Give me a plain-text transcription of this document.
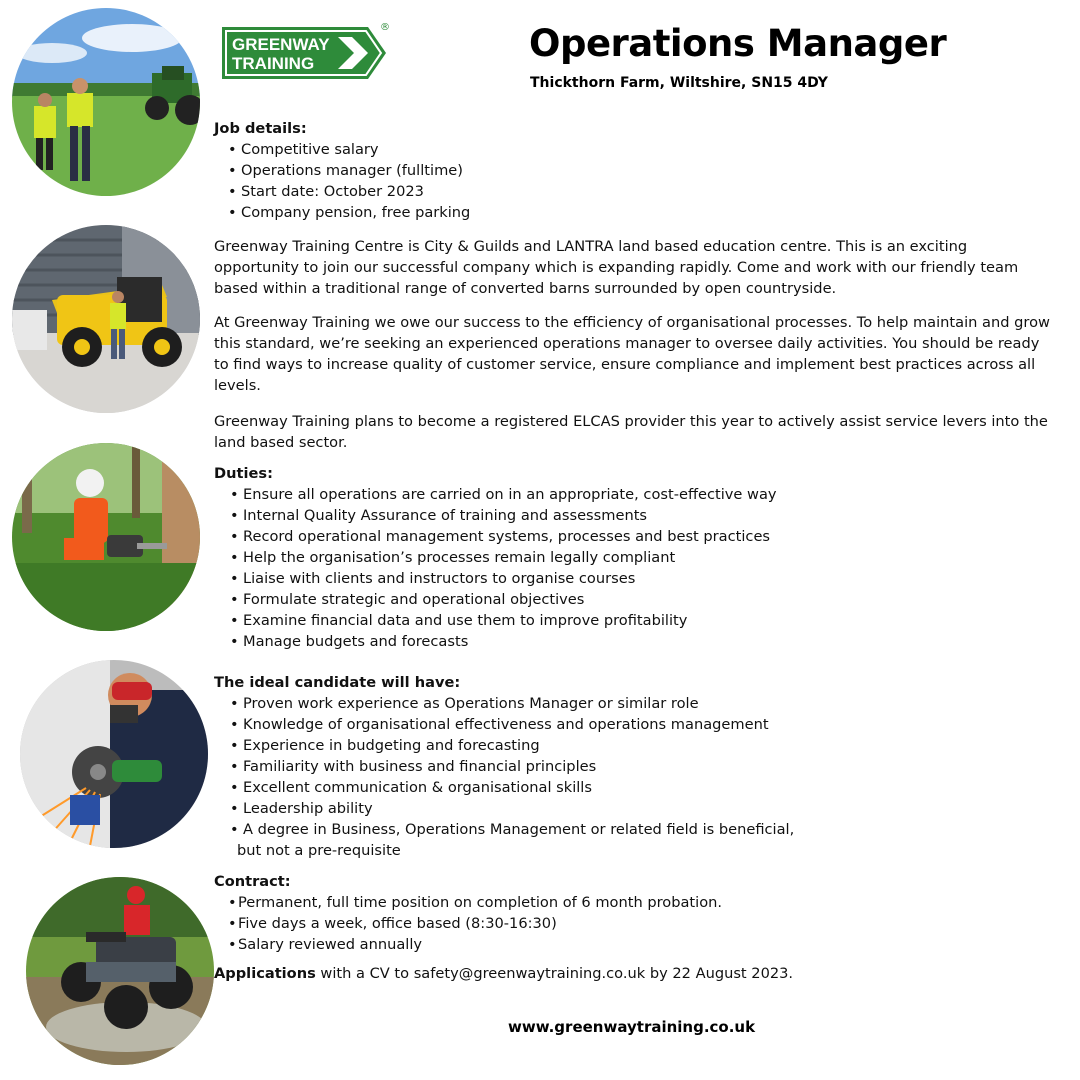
GREENWAY
TRAINING
®	Operations Manager

Thickthorn Farm, Wiltshire, SN15 4DY

Job details:
• Competitive salary
• Operations manager (fulltime)
• Start date: October 2023
• Company pension, free parking

Greenway Training Centre is City & Guilds and LANTRA land based education centre. This is an exciting opportunity to join our successful company which is expanding rapidly. Come and work with our friendly team based within a traditional range of converted barns surrounded by open countryside.

At Greenway Training we owe our success to the efficiency of organisational processes. To help maintain and grow this standard, we’re seeking an experienced operations manager to oversee daily activities. You should be ready to find ways to increase quality of customer service, ensure compliance and implement best practices across all levels.

Greenway Training plans to become a registered ELCAS provider this year to actively assist service levers into the land based sector.

Duties:
• Ensure all operations are carried on in an appropriate, cost-effective way
• Internal Quality Assurance of training and assessments
• Record operational management systems, processes and best practices
• Help the organisation’s processes remain legally compliant
• Liaise with clients and instructors to organise courses
• Formulate strategic and operational objectives
• Examine financial data and use them to improve profitability
• Manage budgets and forecasts
The ideal candidate will have:
• Proven work experience as Operations Manager or similar role
• Knowledge of organisational effectiveness and operations management
• Experience in budgeting and forecasting
• Familiarity with business and financial principles
• Excellent communication & organisational skills
• Leadership ability
• A degree in Business, Operations Management or related field is beneficial,

but not a pre-requisite

Contract:
• Permanent, full time position on completion of 6 month probation.
• Five days a week, office based (8:30-16:30)
• Salary reviewed annually

Applications with a CV to safety@greenwaytraining.co.uk by 22 August 2023.

www.greenwaytraining.co.uk
